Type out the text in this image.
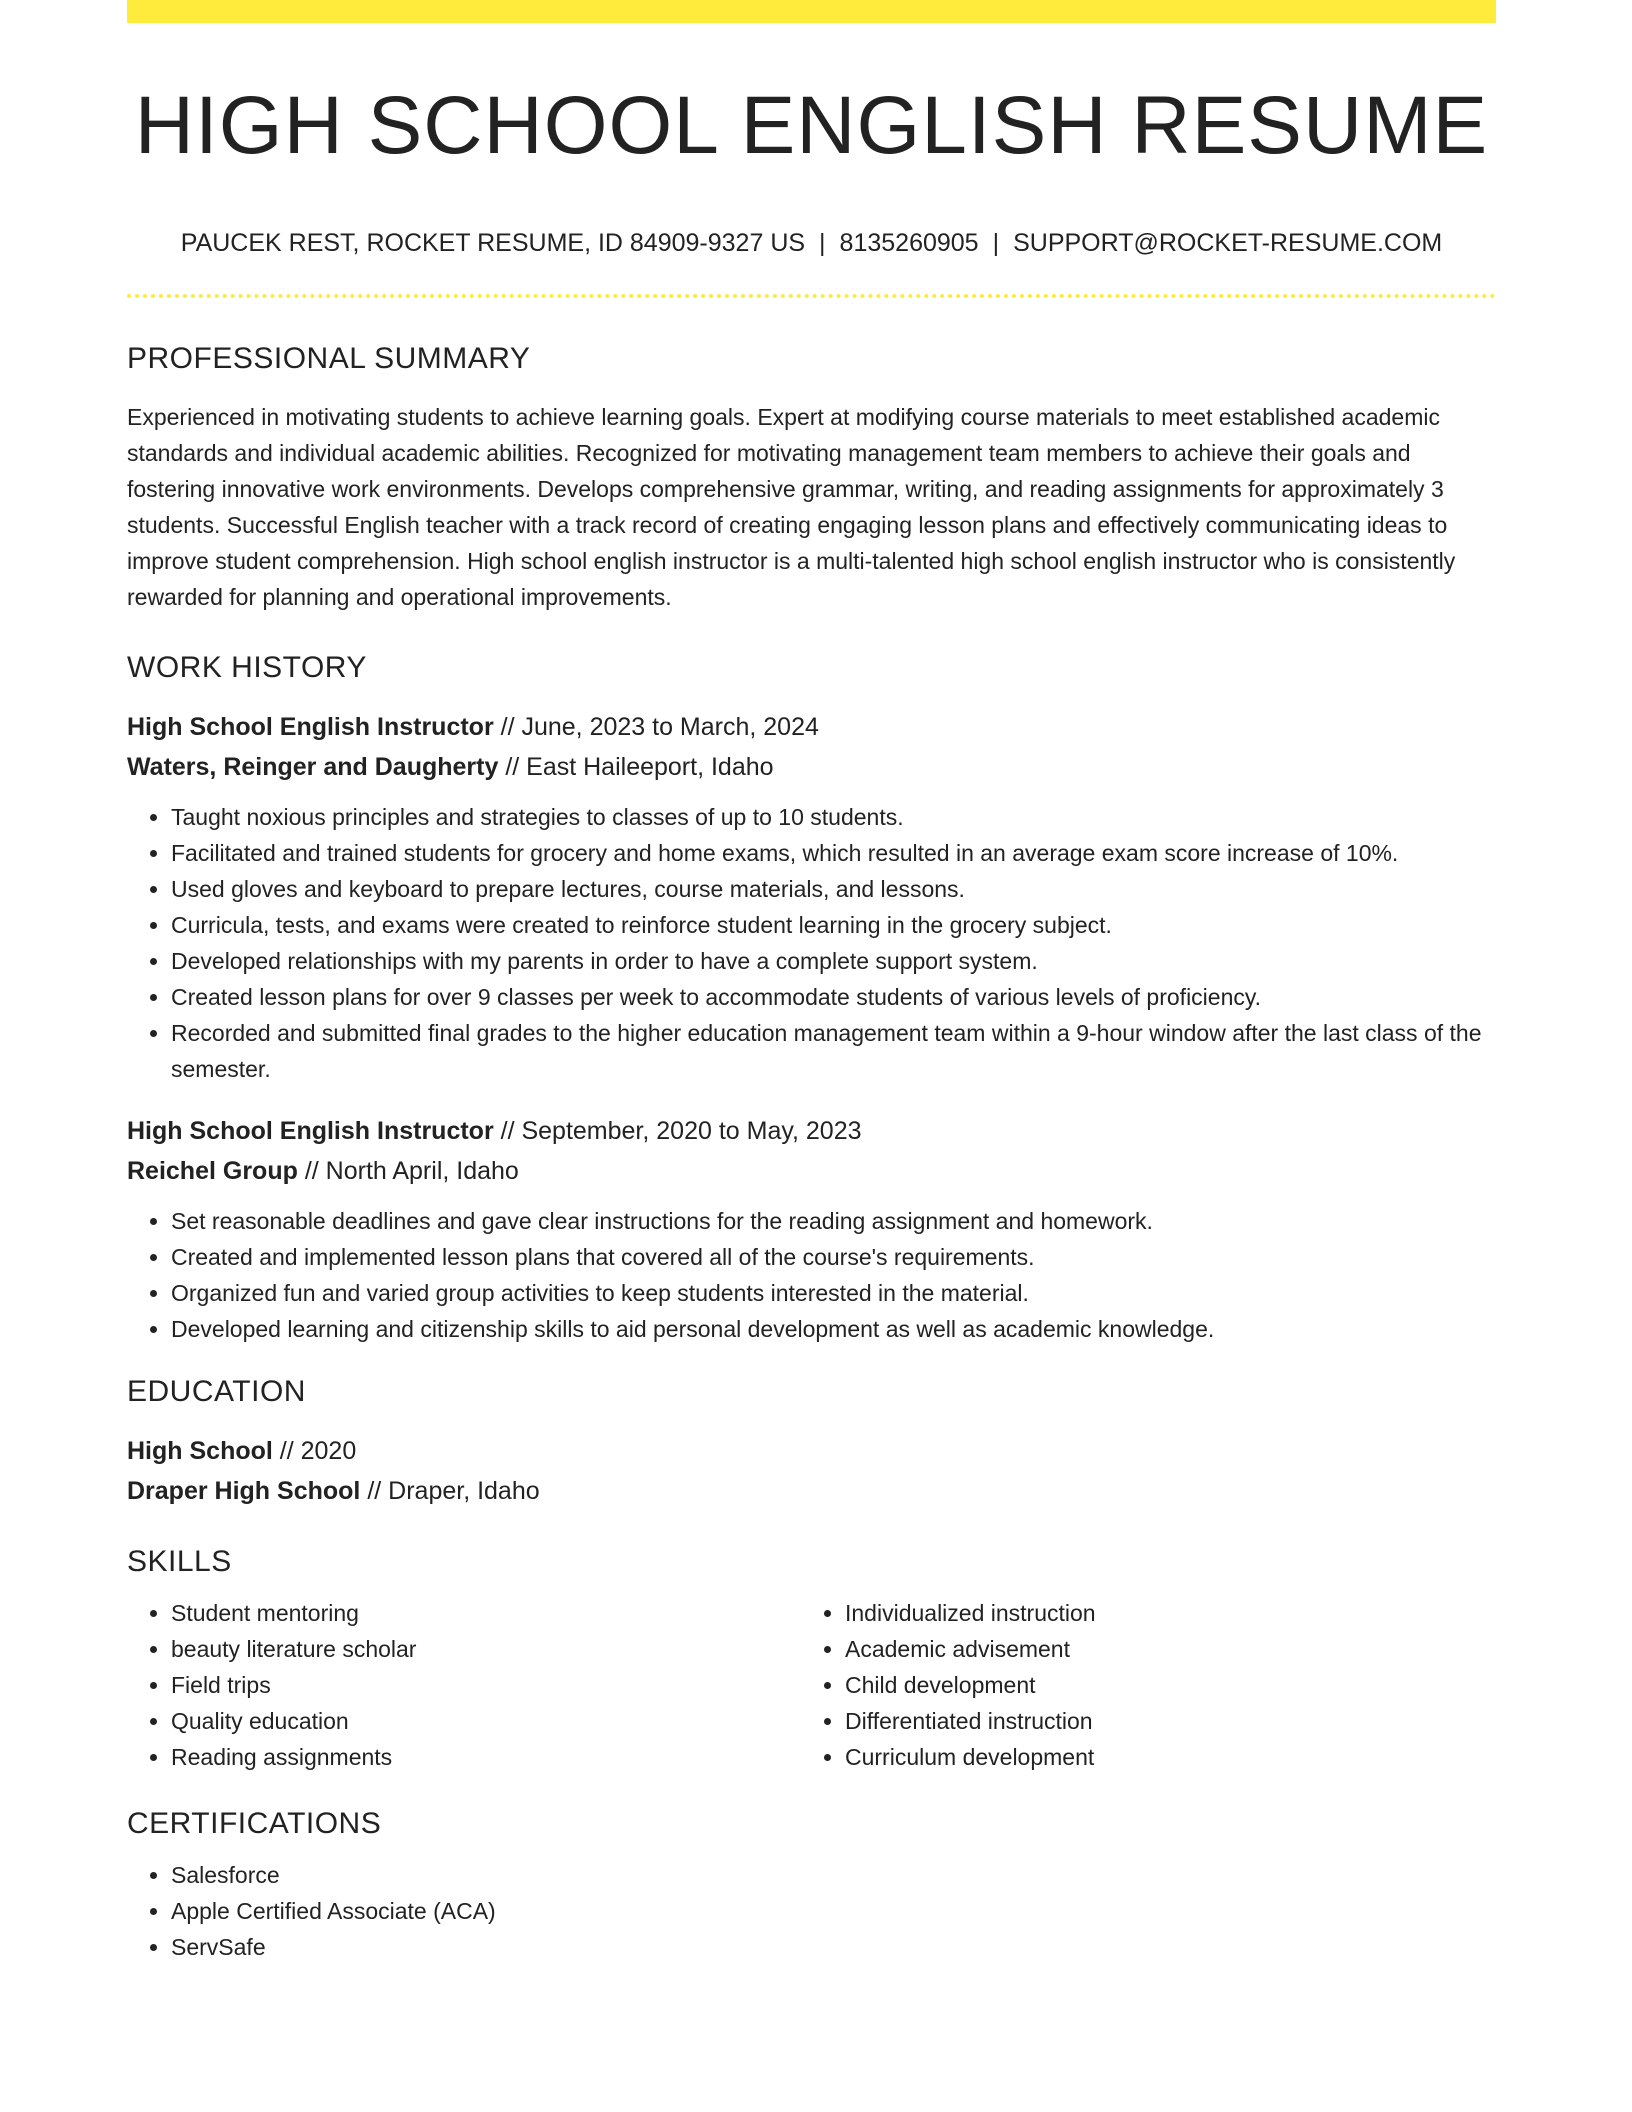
HIGH SCHOOL ENGLISH RESUME
PAUCEK REST, ROCKET RESUME, ID 84909-9327 US | 8135260905 | SUPPORT@ROCKET-RESUME.COM
PROFESSIONAL SUMMARY

Experienced in motivating students to achieve learning goals. Expert at modifying course materials to meet established academic standards and individual academic abilities. Recognized for motivating management team members to achieve their goals and fostering innovative work environments. Develops comprehensive grammar, writing, and reading assignments for approximately 3 students. Successful English teacher with a track record of creating engaging lesson plans and effectively communicating ideas to improve student comprehension. High school english instructor is a multi-talented high school english instructor who is consistently rewarded for planning and operational improvements.

WORK HISTORY
High School English Instructor // June, 2023 to March, 2024
Waters, Reinger and Daugherty // East Haileeport, Idaho
• Taught noxious principles and strategies to classes of up to 10 students.
• Facilitated and trained students for grocery and home exams, which resulted in an average exam score increase of 10%.
• Used gloves and keyboard to prepare lectures, course materials, and lessons.
• Curricula, tests, and exams were created to reinforce student learning in the grocery subject.
• Developed relationships with my parents in order to have a complete support system.
• Created lesson plans for over 9 classes per week to accommodate students of various levels of proficiency.
• Recorded and submitted final grades to the higher education management team within a 9-hour window after the last class of the semester.
High School English Instructor // September, 2020 to May, 2023
Reichel Group // North April, Idaho
• Set reasonable deadlines and gave clear instructions for the reading assignment and homework.
• Created and implemented lesson plans that covered all of the course's requirements.
• Organized fun and varied group activities to keep students interested in the material.
• Developed learning and citizenship skills to aid personal development as well as academic knowledge.
EDUCATION
High School // 2020
Draper High School // Draper, Idaho
SKILLS
• Student mentoring
• beauty literature scholar
• Field trips
• Quality education
• Reading assignments
• Individualized instruction
• Academic advisement
• Child development
• Differentiated instruction
• Curriculum development
CERTIFICATIONS
• Salesforce
• Apple Certified Associate (ACA)
• ServSafe
